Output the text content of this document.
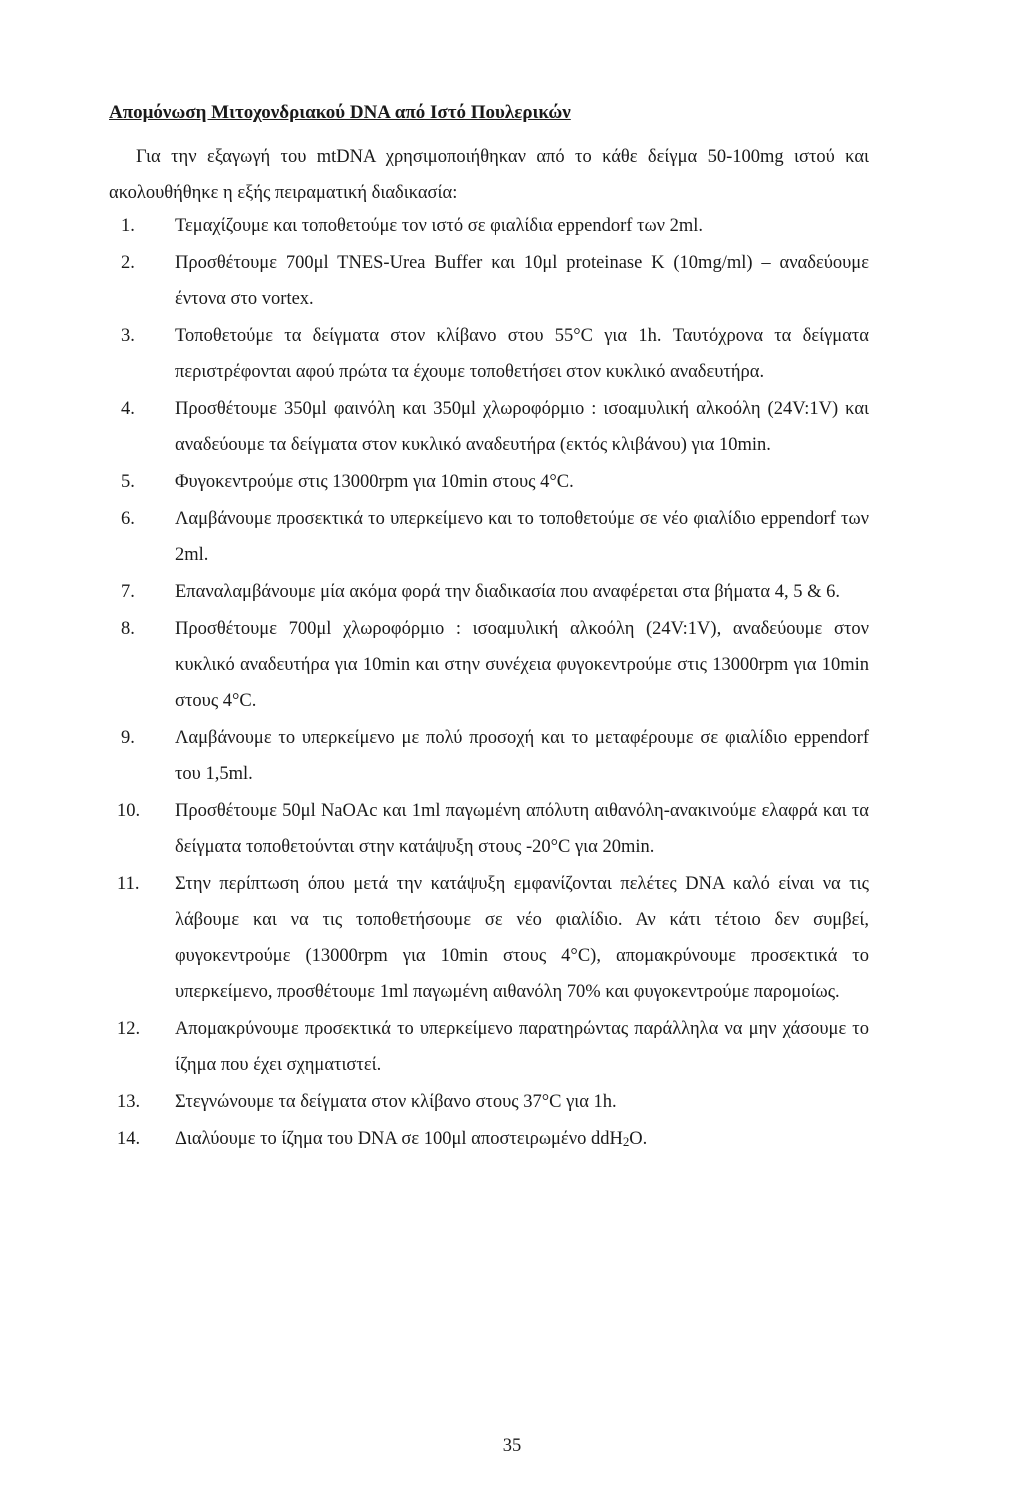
Απομόνωση Μιτοχονδριακού DNA από Ιστό Πουλερικών

Για την εξαγωγή του mtDNA χρησιμοποιήθηκαν από το κάθε δείγμα 50-100mg ιστού και ακολουθήθηκε η εξής πειραματική διαδικασία:

1.	Τεμαχίζουμε και τοποθετούμε τον ιστό σε φιαλίδια eppendorf των 2ml.
2.	Προσθέτουμε 700μl TNES-Urea Buffer και 10μl proteinase K (10mg/ml) – αναδεύουμε έντονα στο vortex.
3.	Τοποθετούμε τα δείγματα στον κλίβανο στου 55°C για 1h. Ταυτόχρονα τα δείγματα περιστρέφονται αφού πρώτα τα έχουμε τοποθετήσει στον κυκλικό αναδευτήρα.
4.	Προσθέτουμε 350μl φαινόλη και 350μl χλωροφόρμιο : ισοαμυλική αλκοόλη (24V:1V) και αναδεύουμε τα δείγματα στον κυκλικό αναδευτήρα (εκτός κλιβάνου) για 10min.
5.	Φυγοκεντρούμε στις 13000rpm για 10min στους 4°C.
6.	Λαμβάνουμε προσεκτικά το υπερκείμενο και το τοποθετούμε σε νέο φιαλίδιο eppendorf των 2ml.
7.	Επαναλαμβάνουμε μία ακόμα φορά την διαδικασία που αναφέρεται στα βήματα 4, 5 & 6.
8.	Προσθέτουμε 700μl χλωροφόρμιο : ισοαμυλική αλκοόλη (24V:1V), αναδεύουμε στον κυκλικό αναδευτήρα για 10min και στην συνέχεια φυγοκεντρούμε στις 13000rpm για 10min στους 4°C.
9.	Λαμβάνουμε το υπερκείμενο με πολύ προσοχή και το μεταφέρουμε σε φιαλίδιο eppendorf του 1,5ml.
10.	Προσθέτουμε 50μl NaOAc και 1ml παγωμένη απόλυτη αιθανόλη-ανακινούμε ελαφρά και τα δείγματα τοποθετούνται στην κατάψυξη στους -20°C για 20min.
11.	Στην περίπτωση όπου μετά την κατάψυξη εμφανίζονται πελέτες DNA καλό είναι να τις λάβουμε και να τις τοποθετήσουμε σε νέο φιαλίδιο. Αν κάτι τέτοιο δεν συμβεί, φυγοκεντρούμε (13000rpm για 10min στους 4°C), απομακρύνουμε προσεκτικά το υπερκείμενο, προσθέτουμε 1ml παγωμένη αιθανόλη 70% και φυγοκεντρούμε παρομοίως.
12.	Απομακρύνουμε προσεκτικά το υπερκείμενο παρατηρώντας παράλληλα να μην χάσουμε το ίζημα που έχει σχηματιστεί.
13.	Στεγνώνουμε τα δείγματα στον κλίβανο στους 37°C για 1h.
14.	Διαλύουμε το ίζημα του DNA σε 100μl αποστειρωμένο ddH$_2$O.
35
